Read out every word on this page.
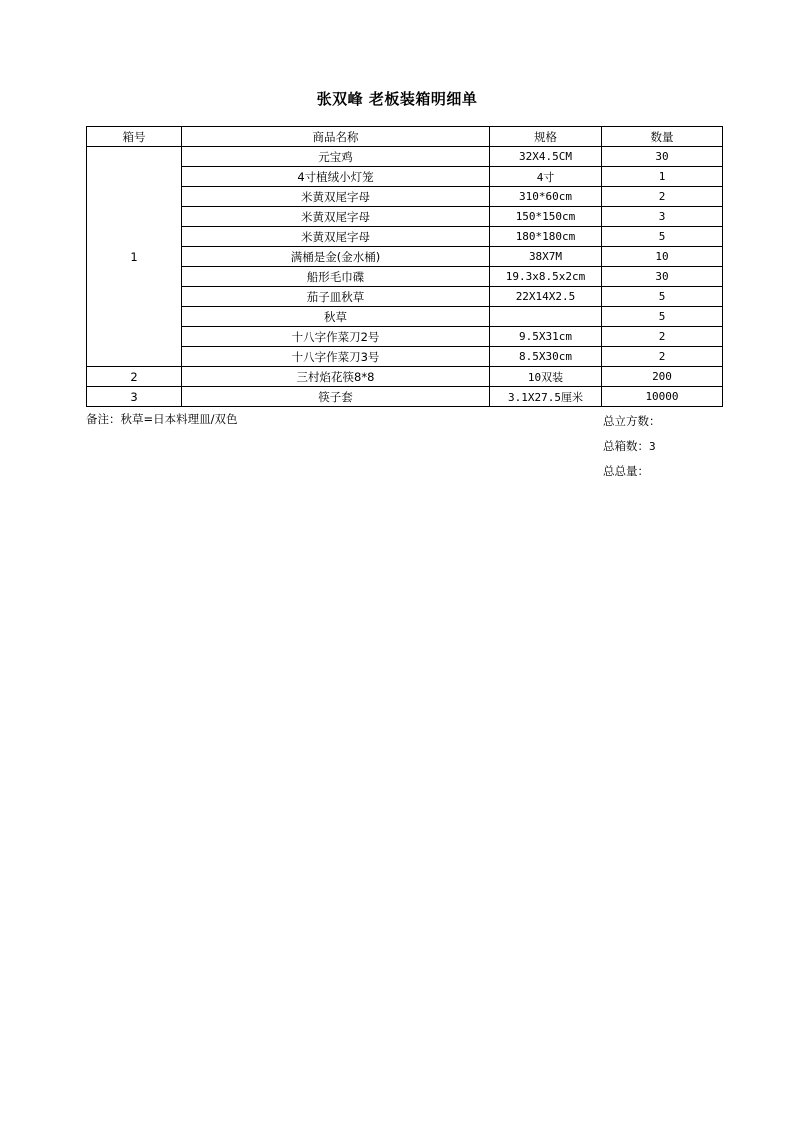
张双峰 老板装箱明细单
箱号	商品名称	规格	数量
1	元宝鸡	32X4.5CM	30
	4寸植绒小灯笼	4寸	1
	米黄双尾字母	310*60cm	2
	米黄双尾字母	150*150cm	3
	米黄双尾字母	180*180cm	5
	满桶是金(金水桶)	38X7M	10
	船形毛巾碟	19.3x8.5x2cm	30
	茄子皿秋草	22X14X2.5	5
	秋草		5
	十八字作菜刀2号	9.5X31cm	2
	十八字作菜刀3号	8.5X30cm	2
2	三村焰花筷8*8	10双装	200
3	筷子套	3.1X27.5厘米	10000
备注：秋草=日本料理皿/双色	总立方数：
总箱数：3
总总量：
